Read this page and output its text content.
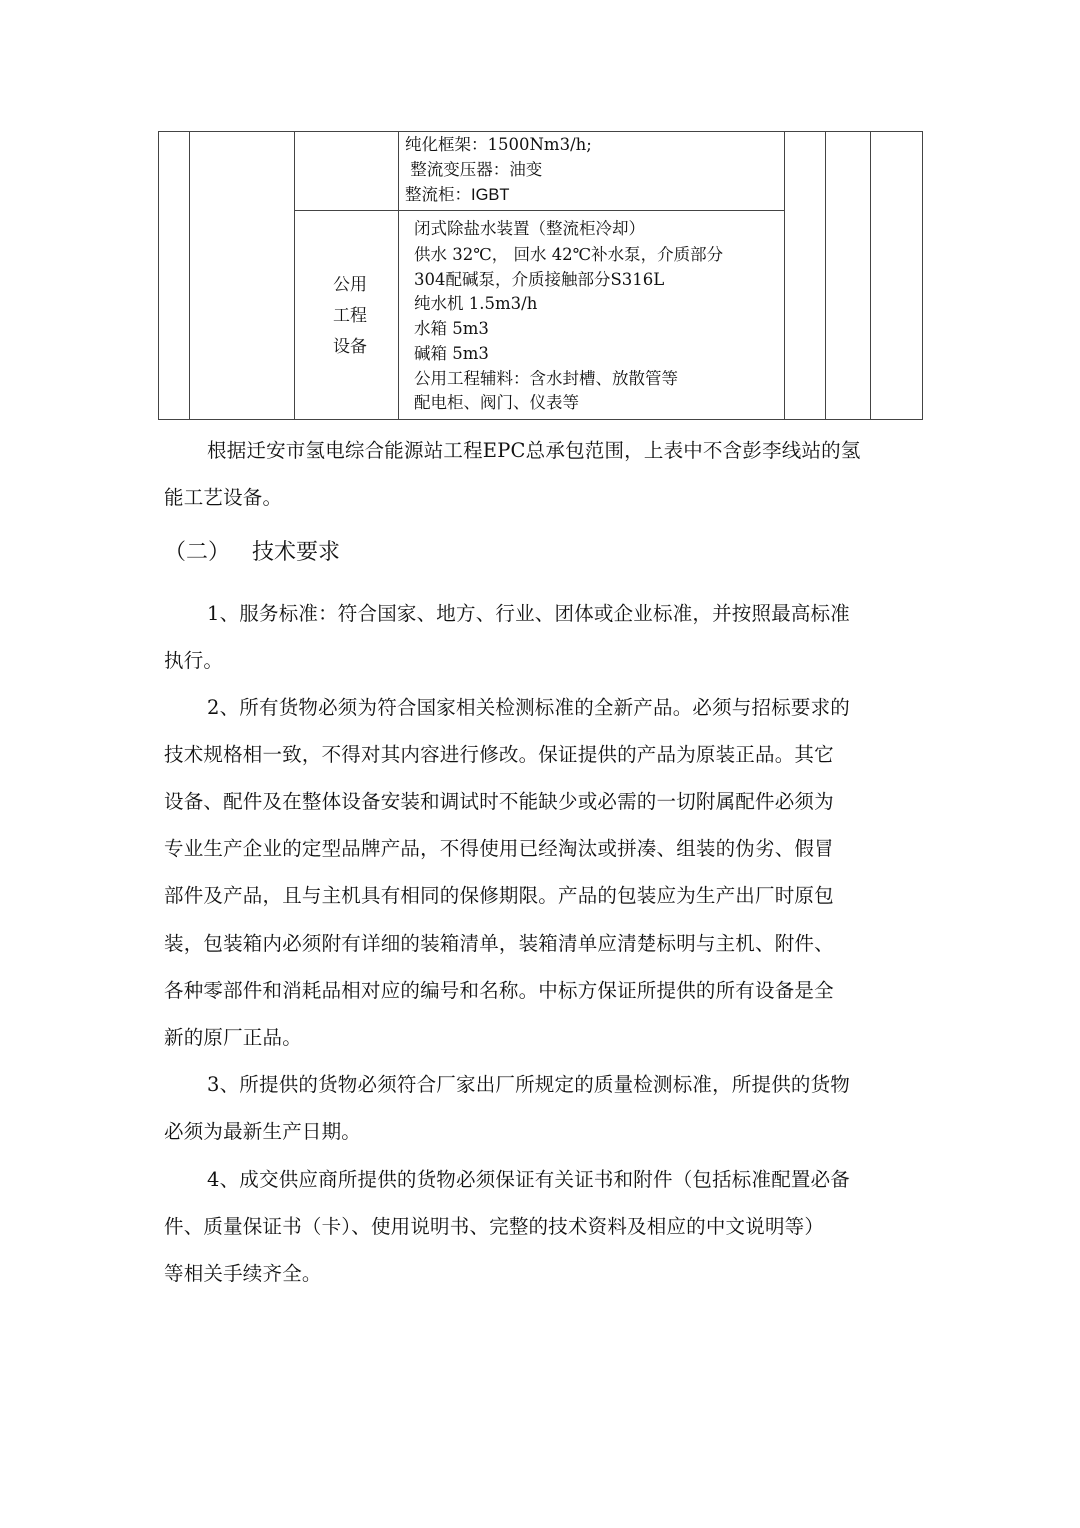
纯化框架：1500Nm3/h;
整流变压器：油变
整流柜：IGBT
公用
工程
设备
闭式除盐水装置（整流柜冷却）
供水 32℃， 回水 42℃补水泵，介质部分
304配碱泵，介质接触部分S316L
纯水机 1.5m3/h
水箱 5m3
碱箱 5m3
公用工程辅料：含水封槽、放散管等
配电柜、阀门、仪表等
根据迁安市氢电综合能源站工程EPC总承包范围，上表中不含彭李线站的氢
能工艺设备。
（二） 技术要求
1、服务标准：符合国家、地方、行业、团体或企业标准，并按照最高标准
执行。
2、所有货物必须为符合国家相关检测标准的全新产品。必须与招标要求的
技术规格相一致，不得对其内容进行修改。保证提供的产品为原装正品。其它
设备、配件及在整体设备安装和调试时不能缺少或必需的一切附属配件必须为
专业生产企业的定型品牌产品，不得使用已经淘汰或拼凑、组装的伪劣、假冒
部件及产品，且与主机具有相同的保修期限。产品的包装应为生产出厂时原包
装，包装箱内必须附有详细的装箱清单，装箱清单应清楚标明与主机、附件、
各种零部件和消耗品相对应的编号和名称。中标方保证所提供的所有设备是全
新的原厂正品。
3、所提供的货物必须符合厂家出厂所规定的质量检测标准，所提供的货物
必须为最新生产日期。
4、成交供应商所提供的货物必须保证有关证书和附件（包括标准配置必备
件、质量保证书（卡）、使用说明书、完整的技术资料及相应的中文说明等）
等相关手续齐全。
